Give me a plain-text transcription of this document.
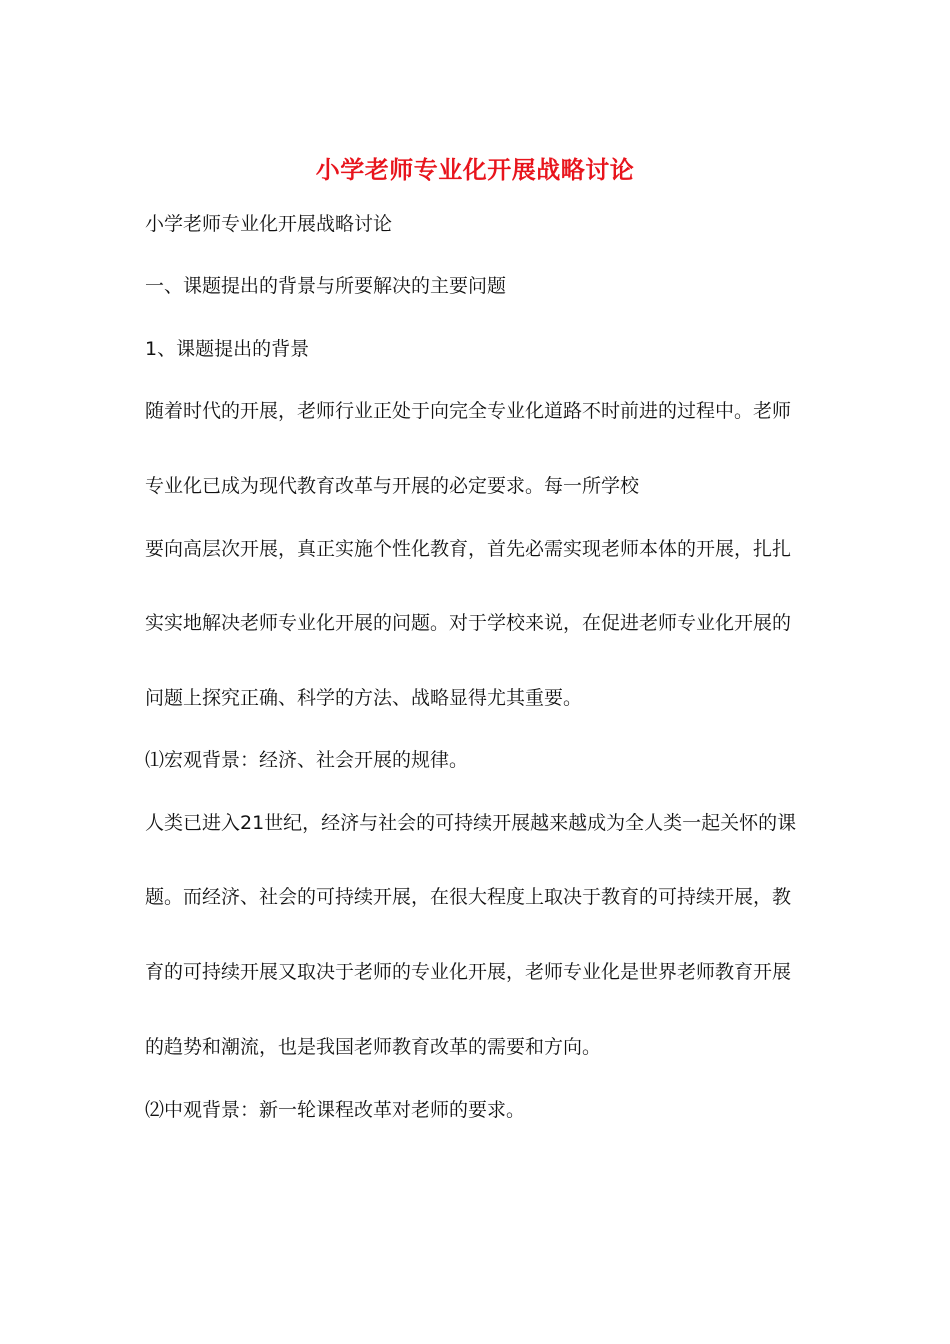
小学老师专业化开展战略讨论
小学老师专业化开展战略讨论
一、课题提出的背景与所要解决的主要问题
1、课题提出的背景
随着时代的开展，老师行业正处于向完全专业化道路不时前进的过程中。老师
专业化已成为现代教育改革与开展的必定要求。每一所学校
要向高层次开展，真正实施个性化教育，首先必需实现老师本体的开展，扎扎
实实地解决老师专业化开展的问题。对于学校来说，在促进老师专业化开展的
问题上探究正确、科学的方法、战略显得尤其重要。
⑴宏观背景：经济、社会开展的规律。
人类已进入21世纪，经济与社会的可持续开展越来越成为全人类一起关怀的课
题。而经济、社会的可持续开展，在很大程度上取决于教育的可持续开展，教
育的可持续开展又取决于老师的专业化开展，老师专业化是世界老师教育开展
的趋势和潮流，也是我国老师教育改革的需要和方向。
⑵中观背景：新一轮课程改革对老师的要求。
